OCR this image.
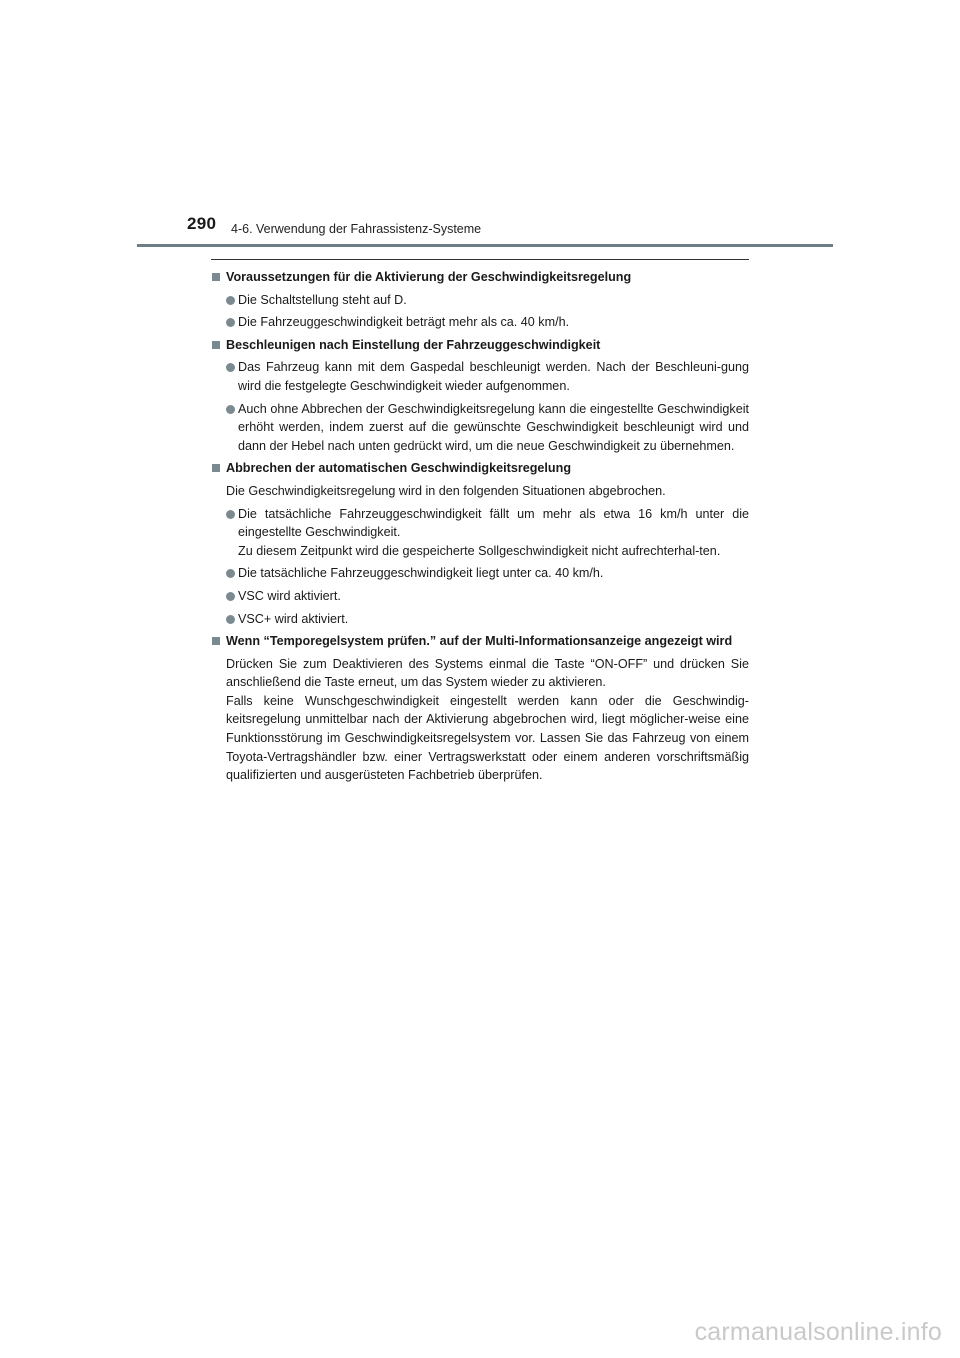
290 4-6. Verwendung der Fahrassistenz-Systeme
Voraussetzungen für die Aktivierung der Geschwindigkeitsregelung
Die Schaltstellung steht auf D.
Die Fahrzeuggeschwindigkeit beträgt mehr als ca. 40 km/h.
Beschleunigen nach Einstellung der Fahrzeuggeschwindigkeit
Das Fahrzeug kann mit dem Gaspedal beschleunigt werden. Nach der Beschleuni-gung wird die festgelegte Geschwindigkeit wieder aufgenommen.
Auch ohne Abbrechen der Geschwindigkeitsregelung kann die eingestellte Geschwindigkeit erhöht werden, indem zuerst auf die gewünschte Geschwindigkeit beschleunigt wird und dann der Hebel nach unten gedrückt wird, um die neue Geschwindigkeit zu übernehmen.
Abbrechen der automatischen Geschwindigkeitsregelung
Die Geschwindigkeitsregelung wird in den folgenden Situationen abgebrochen.
Die tatsächliche Fahrzeuggeschwindigkeit fällt um mehr als etwa 16 km/h unter die eingestellte Geschwindigkeit.
Zu diesem Zeitpunkt wird die gespeicherte Sollgeschwindigkeit nicht aufrechterhal-ten.
Die tatsächliche Fahrzeuggeschwindigkeit liegt unter ca. 40 km/h.
VSC wird aktiviert.
VSC+ wird aktiviert.
Wenn “Temporegelsystem prüfen.” auf der Multi-Informationsanzeige angezeigt wird
Drücken Sie zum Deaktivieren des Systems einmal die Taste “ON-OFF” und drücken Sie anschließend die Taste erneut, um das System wieder zu aktivieren.
Falls keine Wunschgeschwindigkeit eingestellt werden kann oder die Geschwindig-keitsregelung unmittelbar nach der Aktivierung abgebrochen wird, liegt möglicher-weise eine Funktionsstörung im Geschwindigkeitsregelsystem vor. Lassen Sie das Fahrzeug von einem Toyota-Vertragshändler bzw. einer Vertragswerkstatt oder einem anderen vorschriftsmäßig qualifizierten und ausgerüsteten Fachbetrieb überprüfen.
carmanualsonline.info
